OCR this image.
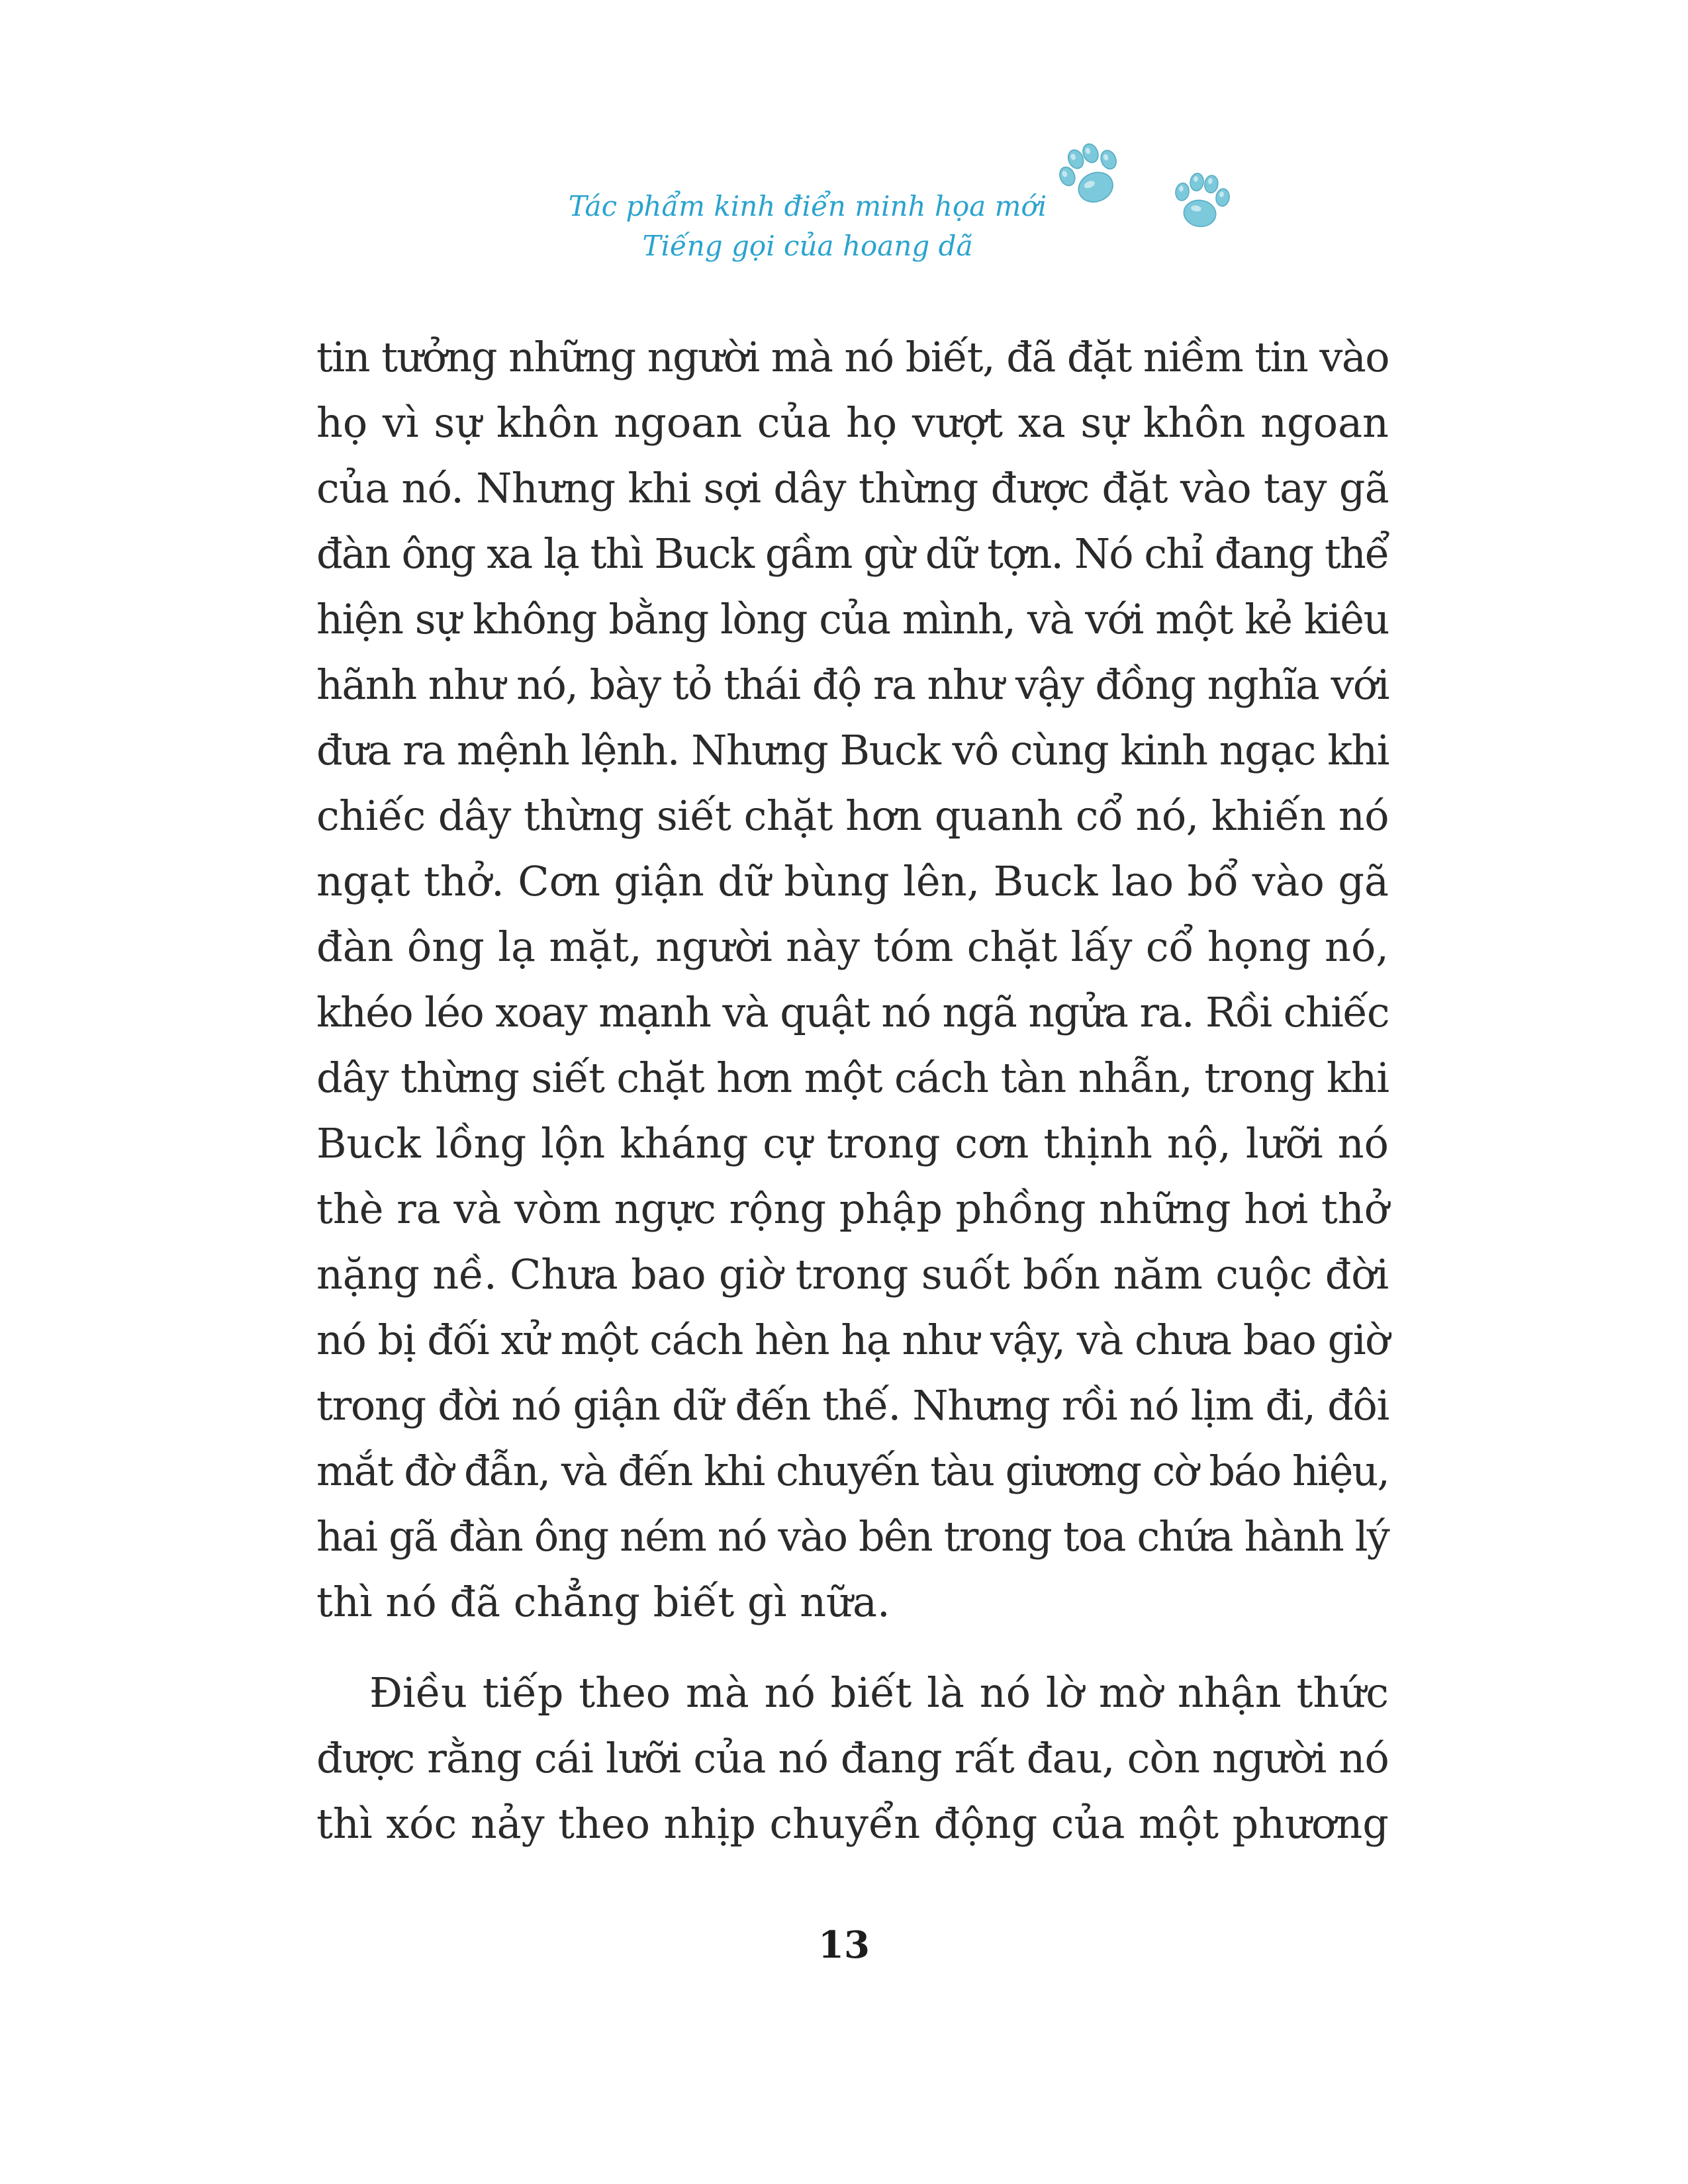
Tác phẩm kinh điển minh họa mới
Tiếng gọi của hoang dã
tin tưởng những người mà nó biết, đã đặt niềm tin vào
họ vì sự khôn ngoan của họ vượt xa sự khôn ngoan
của nó. Nhưng khi sợi dây thừng được đặt vào tay gã
đàn ông xa lạ thì Buck gầm gừ dữ tợn. Nó chỉ đang thể
hiện sự không bằng lòng của mình, và với một kẻ kiêu
hãnh như nó, bày tỏ thái độ ra như vậy đồng nghĩa với
đưa ra mệnh lệnh. Nhưng Buck vô cùng kinh ngạc khi
chiếc dây thừng siết chặt hơn quanh cổ nó, khiến nó
ngạt thở. Cơn giận dữ bùng lên, Buck lao bổ vào gã
đàn ông lạ mặt, người này tóm chặt lấy cổ họng nó,
khéo léo xoay mạnh và quật nó ngã ngửa ra. Rồi chiếc
dây thừng siết chặt hơn một cách tàn nhẫn, trong khi
Buck lồng lộn kháng cự trong cơn thịnh nộ, lưỡi nó
thè ra và vòm ngực rộng phập phồng những hơi thở
nặng nề. Chưa bao giờ trong suốt bốn năm cuộc đời
nó bị đối xử một cách hèn hạ như vậy, và chưa bao giờ
trong đời nó giận dữ đến thế. Nhưng rồi nó lịm đi, đôi
mắt đờ đẫn, và đến khi chuyến tàu giương cờ báo hiệu,
hai gã đàn ông ném nó vào bên trong toa chứa hành lý
thì nó đã chẳng biết gì nữa.
Điều tiếp theo mà nó biết là nó lờ mờ nhận thức
được rằng cái lưỡi của nó đang rất đau, còn người nó
thì xóc nảy theo nhịp chuyển động của một phương
13
